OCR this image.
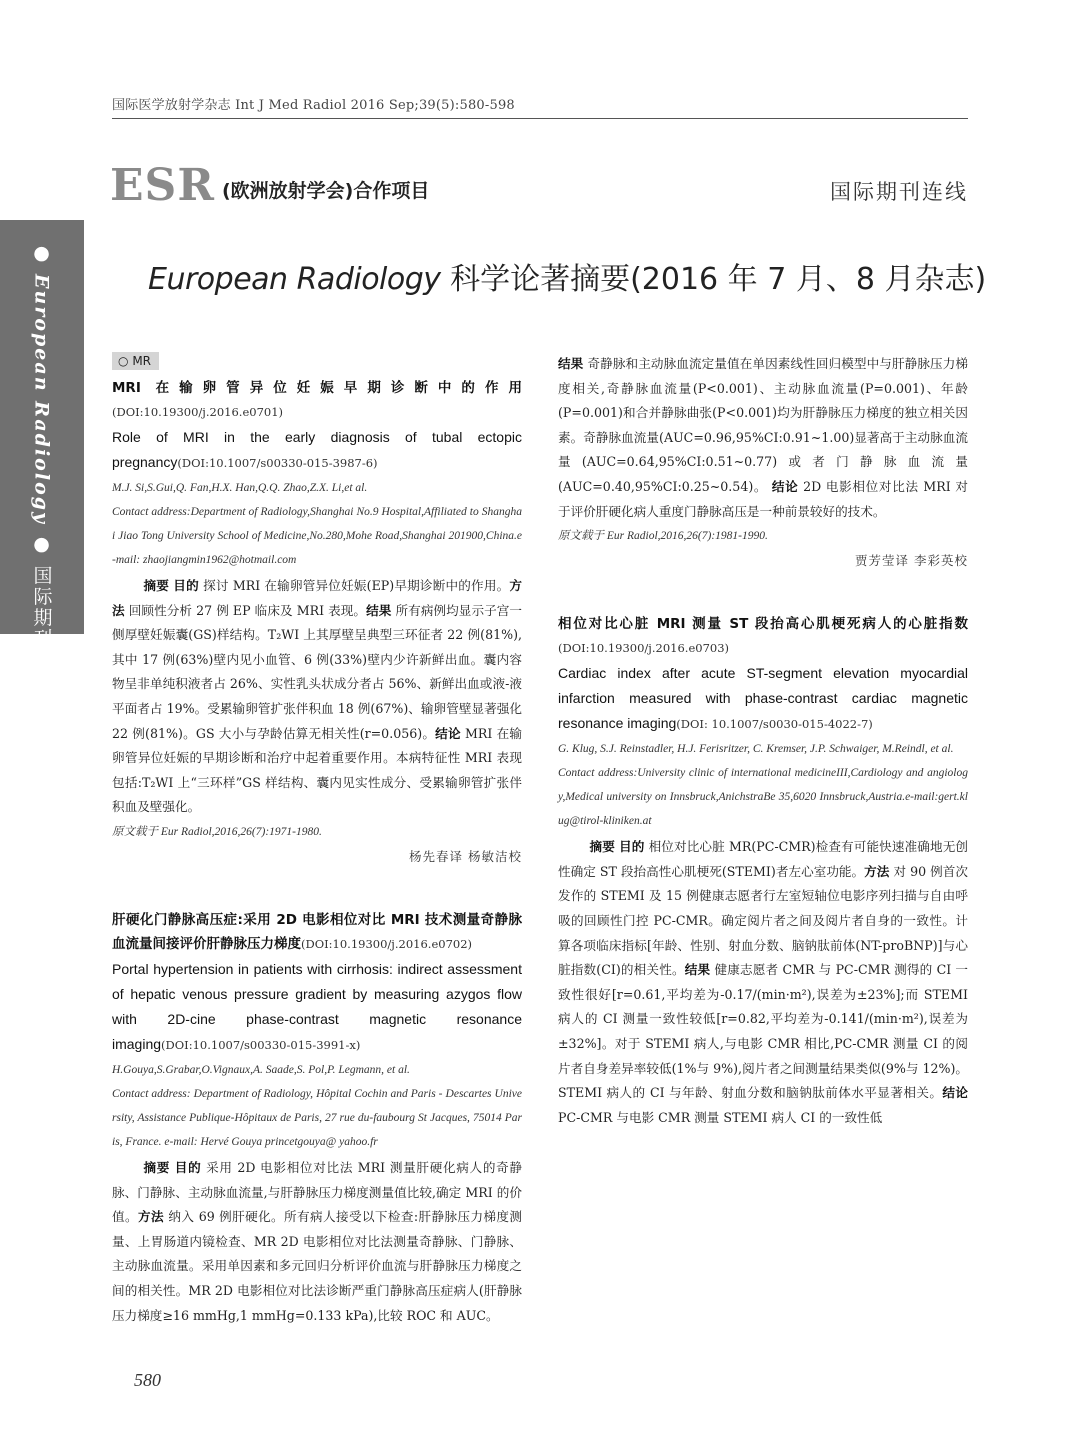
国际医学放射学杂志 Int J Med Radiol 2016 Sep;39(5):580-598
ESR (欧洲放射学会)合作项目	国际期刊连线
● European Radiology ● 国际期刊连线
European Radiology 科学论著摘要(2016 年 7 月、8 月杂志)
○ MR
MRI 在输卵管异位妊娠早期诊断中的作用(DOI:10.19300/j.2016.e0701)
Role of MRI in the early diagnosis of tubal ectopic pregnancy(DOI:10.1007/s00330-015-3987-6)
M.J. Si,S.Gui,Q. Fan,H.X. Han,Q.Q. Zhao,Z.X. Li,et al.
Contact address:Department of Radiology,Shanghai No.9 Hospital,Affiliated to Shanghai Jiao Tong University School of Medicine,No.280,Mohe Road,Shanghai 201900,China.e-mail: zhaojiangmin1962@hotmail.com
摘要 目的 探讨 MRI 在输卵管异位妊娠(EP)早期诊断中的作用。方法 回顾性分析 27 例 EP 临床及 MRI 表现。结果 所有病例均显示子宫一侧厚壁妊娠囊(GS)样结构。T₂WI 上其厚壁呈典型三环征者 22 例(81%),其中 17 例(63%)壁内见小血管、6 例(33%)壁内少许新鲜出血。囊内容物呈非单纯积液者占 26%、实性乳头状成分者占 56%、新鲜出血或液-液平面者占 19%。受累输卵管扩张伴积血 18 例(67%)、输卵管壁显著强化 22 例(81%)。GS 大小与孕龄估算无相关性(r=0.056)。结论 MRI 在输卵管异位妊娠的早期诊断和治疗中起着重要作用。本病特征性 MRI 表现包括:T₂WI 上“三环样”GS 样结构、囊内见实性成分、受累输卵管扩张伴积血及壁强化。
原文载于 Eur Radiol,2016,26(7):1971-1980.
杨先春译 杨敏洁校
肝硬化门静脉高压症:采用 2D 电影相位对比 MRI 技术测量奇静脉血流量间接评价肝静脉压力梯度(DOI:10.19300/j.2016.e0702)
Portal hypertension in patients with cirrhosis: indirect assessment of hepatic venous pressure gradient by measuring azygos flow with 2D-cine phase-contrast magnetic resonance imaging(DOI:10.1007/s00330-015-3991-x)
H.Gouya,S.Grabar,O.Vignaux,A. Saade,S. Pol,P. Legmann, et al.
Contact address: Department of Radiology, Hôpital Cochin and Paris - Descartes University, Assistance Publique-Hôpitaux de Paris, 27 rue du-faubourg St Jacques, 75014 Paris, France. e-mail: Hervé Gouya princetgouya@ yahoo.fr
摘要 目的 采用 2D 电影相位对比法 MRI 测量肝硬化病人的奇静脉、门静脉、主动脉血流量,与肝静脉压力梯度测量值比较,确定 MRI 的价值。方法 纳入 69 例肝硬化。所有病人接受以下检查:肝静脉压力梯度测量、上胃肠道内镜检查、MR 2D 电影相位对比法测量奇静脉、门静脉、主动脉血流量。采用单因素和多元回归分析评价血流与肝静脉压力梯度之间的相关性。MR 2D 电影相位对比法诊断严重门静脉高压症病人(肝静脉压力梯度≥16 mmHg,1 mmHg=0.133 kPa),比较 ROC 和 AUC。
结果 奇静脉和主动脉血流定量值在单因素线性回归模型中与肝静脉压力梯度相关,奇静脉血流量(P<0.001)、主动脉血流量(P=0.001)、年龄(P=0.001)和合并静脉曲张(P<0.001)均为肝静脉压力梯度的独立相关因素。奇静脉血流量(AUC=0.96,95%CI:0.91~1.00)显著高于主动脉血流量(AUC=0.64,95%CI:0.51~0.77)或者门静脉血流量(AUC=0.40,95%CI:0.25~0.54)。 结论 2D 电影相位对比法 MRI 对于评价肝硬化病人重度门静脉高压是一种前景较好的技术。
原文载于 Eur Radiol,2016,26(7):1981-1990.
贾芳莹译 李彩英校
相位对比心脏 MRI 测量 ST 段抬高心肌梗死病人的心脏指数(DOI:10.19300/j.2016.e0703)
Cardiac index after acute ST-segment elevation myocardial infarction measured with phase-contrast cardiac magnetic resonance imaging(DOI: 10.1007/s0030-015-4022-7)
G. Klug, S.J. Reinstadler, H.J. Ferisritzer, C. Kremser, J.P. Schwaiger, M.Reindl, et al.
Contact address:University clinic of international medicineIII,Cardiology and angiology,Medical university on Innsbruck,AnichstraBe 35,6020 Innsbruck,Austria.e-mail:gert.klug@tirol-kliniken.at
摘要 目的 相位对比心脏 MR(PC-CMR)检查有可能快速准确地无创性确定 ST 段抬高性心肌梗死(STEMI)者左心室功能。方法 对 90 例首次发作的 STEMI 及 15 例健康志愿者行左室短轴位电影序列扫描与自由呼吸的回顾性门控 PC-CMR。确定阅片者之间及阅片者自身的一致性。计算各项临床指标[年龄、性别、射血分数、脑钠肽前体(NT-proBNP)]与心脏指数(CI)的相关性。结果 健康志愿者 CMR 与 PC-CMR 测得的 CI 一致性很好[r=0.61,平均差为-0.17/(min·m²),误差为±23%];而 STEMI 病人的 CI 测量一致性较低[r=0.82,平均差为-0.141/(min·m²),误差为±32%]。对于 STEMI 病人,与电影 CMR 相比,PC-CMR 测量 CI 的阅片者自身差异率较低(1%与 9%),阅片者之间测量结果类似(9%与 12%)。STEMI 病人的 CI 与年龄、射血分数和脑钠肽前体水平显著相关。结论 PC-CMR 与电影 CMR 测量 STEMI 病人 CI 的一致性低
580
